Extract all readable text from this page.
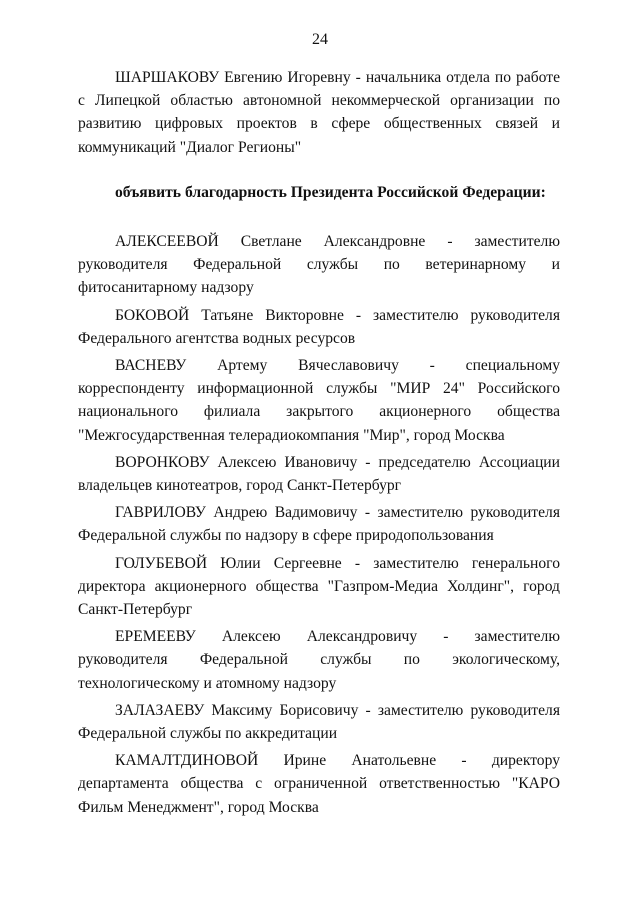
24

ШАРШАКОВУ Евгению Игоревну - начальника отдела по работе с Липецкой областью автономной некоммерческой организации по развитию цифровых проектов в сфере общественных связей и коммуникаций "Диалог Регионы"

объявить благодарность Президента Российской Федерации:

АЛЕКСЕЕВОЙ Светлане Александровне - заместителю руководителя Федеральной службы по ветеринарному и фитосанитарному надзору

БОКОВОЙ Татьяне Викторовне - заместителю руководителя Федерального агентства водных ресурсов

ВАСНЕВУ Артему Вячеславовичу - специальному корреспонденту информационной службы "МИР 24" Российского национального филиала закрытого акционерного общества "Межгосударственная телерадиокомпания "Мир", город Москва

ВОРОНКОВУ Алексею Ивановичу - председателю Ассоциации владельцев кинотеатров, город Санкт-Петербург

ГАВРИЛОВУ Андрею Вадимовичу - заместителю руководителя Федеральной службы по надзору в сфере природопользования

ГОЛУБЕВОЙ Юлии Сергеевне - заместителю генерального директора акционерного общества "Газпром-Медиа Холдинг", город Санкт-Петербург

ЕРЕМЕЕВУ Алексею Александровичу - заместителю руководителя Федеральной службы по экологическому, технологическому и атомному надзору

ЗАЛАЗАЕВУ Максиму Борисовичу - заместителю руководителя Федеральной службы по аккредитации

КАМАЛТДИНОВОЙ Ирине Анатольевне - директору департамента общества с ограниченной ответственностью "КАРО Фильм Менеджмент", город Москва
